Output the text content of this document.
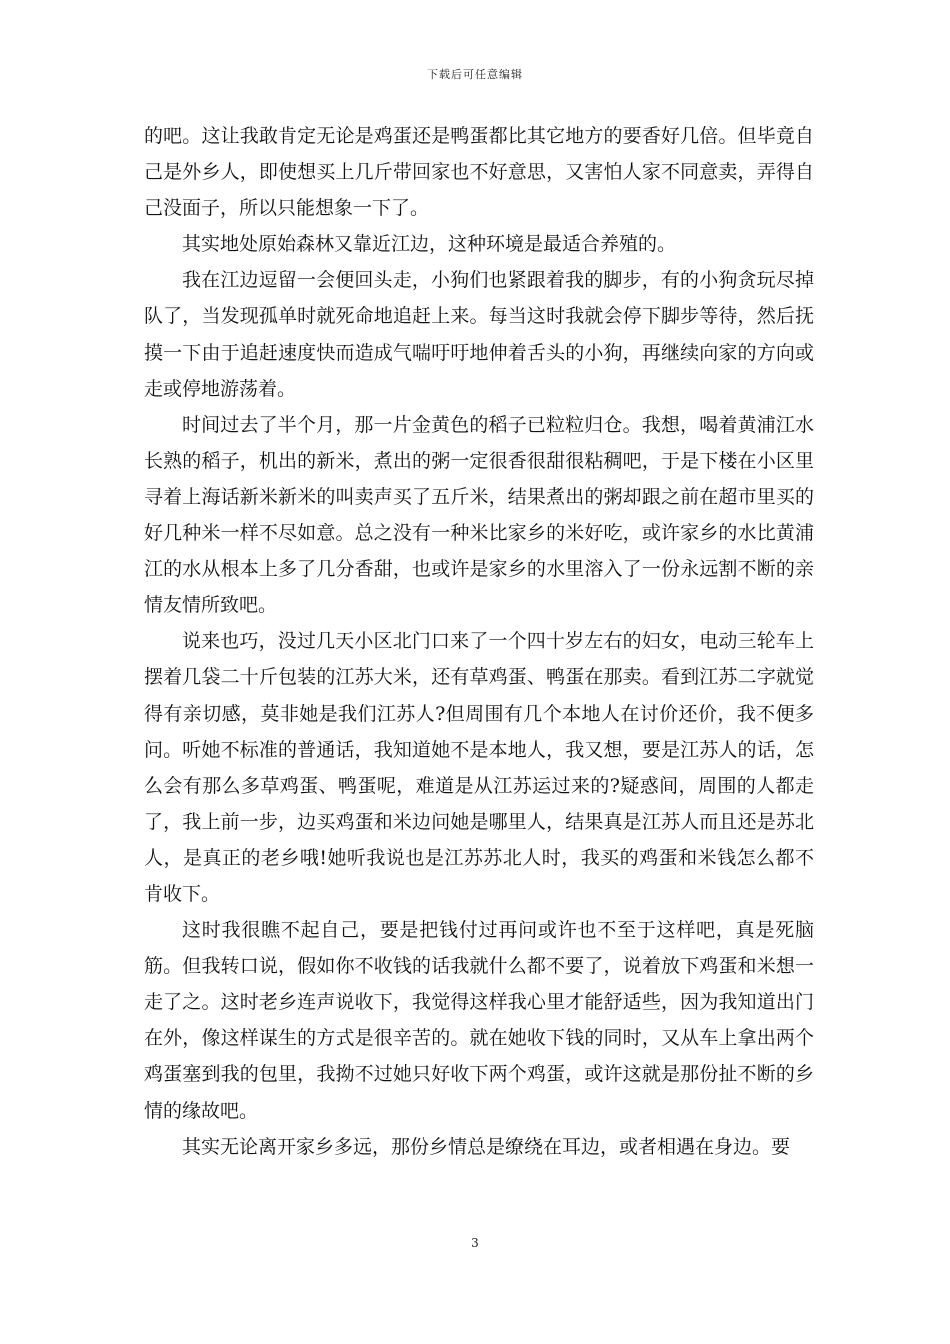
下载后可任意编辑

的吧。这让我敢肯定无论是鸡蛋还是鸭蛋都比其它地方的要香好几倍。但毕竟自己是外乡人，即使想买上几斤带回家也不好意思，又害怕人家不同意卖，弄得自己没面子，所以只能想象一下了。

其实地处原始森林又靠近江边，这种环境是最适合养殖的。

我在江边逗留一会便回头走，小狗们也紧跟着我的脚步，有的小狗贪玩尽掉队了，当发现孤单时就死命地追赶上来。每当这时我就会停下脚步等待，然后抚摸一下由于追赶速度快而造成气喘吁吁地伸着舌头的小狗，再继续向家的方向或走或停地游荡着。

时间过去了半个月，那一片金黄色的稻子已粒粒归仓。我想，喝着黄浦江水长熟的稻子，机出的新米，煮出的粥一定很香很甜很粘稠吧，于是下楼在小区里寻着上海话新米新米的叫卖声买了五斤米，结果煮出的粥却跟之前在超市里买的好几种米一样不尽如意。总之没有一种米比家乡的米好吃，或许家乡的水比黄浦江的水从根本上多了几分香甜，也或许是家乡的水里溶入了一份永远割不断的亲情友情所致吧。

说来也巧，没过几天小区北门口来了一个四十岁左右的妇女，电动三轮车上摆着几袋二十斤包装的江苏大米，还有草鸡蛋、鸭蛋在那卖。看到江苏二字就觉得有亲切感，莫非她是我们江苏人?但周围有几个本地人在讨价还价，我不便多问。听她不标准的普通话，我知道她不是本地人，我又想，要是江苏人的话，怎么会有那么多草鸡蛋、鸭蛋呢，难道是从江苏运过来的?疑惑间，周围的人都走了，我上前一步，边买鸡蛋和米边问她是哪里人，结果真是江苏人而且还是苏北人，是真正的老乡哦!她听我说也是江苏苏北人时，我买的鸡蛋和米钱怎么都不肯收下。

这时我很瞧不起自己，要是把钱付过再问或许也不至于这样吧，真是死脑筋。但我转口说，假如你不收钱的话我就什么都不要了，说着放下鸡蛋和米想一走了之。这时老乡连声说收下，我觉得这样我心里才能舒适些，因为我知道出门在外，像这样谋生的方式是很辛苦的。就在她收下钱的同时，又从车上拿出两个鸡蛋塞到我的包里，我拗不过她只好收下两个鸡蛋，或许这就是那份扯不断的乡情的缘故吧。

其实无论离开家乡多远，那份乡情总是缭绕在耳边，或者相遇在身边。要

3
